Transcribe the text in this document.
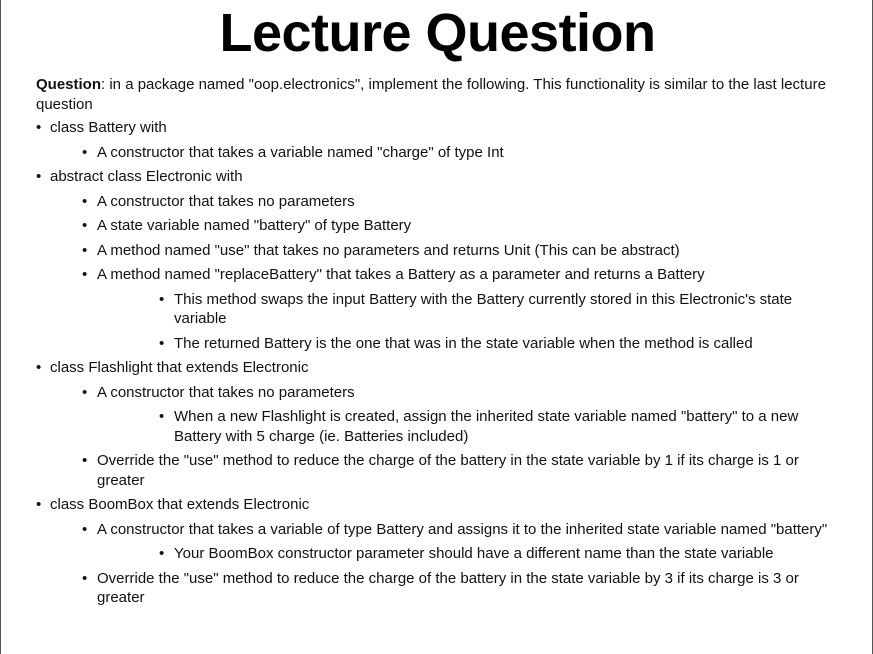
Lecture Question

Question: in a package named "oop.electronics", implement the following. This functionality is similar to the last lecture question

• class Battery with
• A constructor that takes a variable named "charge" of type Int
• abstract class Electronic with
• A constructor that takes no parameters
• A state variable named "battery" of type Battery
• A method named "use" that takes no parameters and returns Unit (This can be abstract)
• A method named "replaceBattery" that takes a Battery as a parameter and returns a Battery
• This method swaps the input Battery with the Battery currently stored in this Electronic's state variable
• The returned Battery is the one that was in the state variable when the method is called
• class Flashlight that extends Electronic
• A constructor that takes no parameters
• When a new Flashlight is created, assign the inherited state variable named "battery" to a new Battery with 5 charge (ie. Batteries included)
• Override the "use" method to reduce the charge of the battery in the state variable by 1 if its charge is 1 or greater
• class BoomBox that extends Electronic
• A constructor that takes a variable of type Battery and assigns it to the inherited state variable named "battery"
• Your BoomBox constructor parameter should have a different name than the state variable
• Override the "use" method to reduce the charge of the battery in the state variable by 3 if its charge is 3 or greater
